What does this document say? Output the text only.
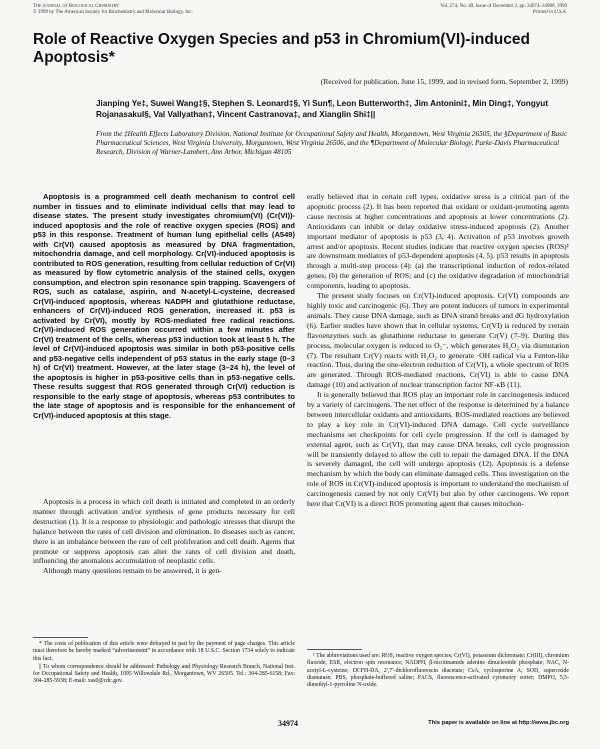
The Journal of Biological Chemistry
© 1999 by The American Society for Biochemistry and Molecular Biology, Inc.
Vol. 274, No. 49, Issue of December 3, pp. 34974–34980, 1999
Printed in U.S.A.
Role of Reactive Oxygen Species and p53 in Chromium(VI)-induced Apoptosis*
(Received for publication, June 15, 1999, and in revised form, September 2, 1999)
Jianping Ye‡, Suwei Wang‡§, Stephen S. Leonard‡§, Yi Sun¶, Leon Butterworth‡, Jim Antonini‡, Min Ding‡, Yongyut Rojanasakul§, Val Vallyathan‡, Vincent Castranova‡, and Xianglin Shi‡||
From the ‡Health Effects Laboratory Division, National Institute for Occupational Safety and Health, Morgantown, West Virginia 26505, the §Department of Basic Pharmaceutical Sciences, West Virginia University, Morgantown, West Virginia 26506, and the ¶Department of Molecular Biology, Parke-Davis Pharmaceutical Research, Division of Warner-Lambert, Ann Arbor, Michigan 48105

Apoptosis is a programmed cell death mechanism to control cell number in tissues and to eliminate individual cells that may lead to disease states. The present study investigates chromium(VI) (Cr(VI))-induced apoptosis and the role of reactive oxygen species (ROS) and p53 in this response. Treatment of human lung epithelial cells (A549) with Cr(VI) caused apoptosis as measured by DNA fragmentation, mitochondria damage, and cell morphology. Cr(VI)-induced apoptosis is contributed to ROS generation, resulting from cellular reduction of Cr(VI) as measured by flow cytometric analysis of the stained cells, oxygen consumption, and electron spin resonance spin trapping. Scavengers of ROS, such as catalase, aspirin, and N-acetyl-L-cysteine, decreased Cr(VI)-induced apoptosis, whereas NADPH and glutathione reductase, enhancers of Cr(VI)-induced ROS generation, increased it. p53 is activated by Cr(VI), mostly by ROS-mediated free radical reactions. Cr(VI)-induced ROS generation occurred within a few minutes after Cr(VI) treatment of the cells, whereas p53 induction took at least 5 h. The level of Cr(VI)-induced apoptosis was similar in both p53-positive cells and p53-negative cells independent of p53 status in the early stage (0–3 h) of Cr(VI) treatment. However, at the later stage (3–24 h), the level of the apoptosis is higher in p53-positive cells than in p53-negative cells. These results suggest that ROS generated through Cr(VI) reduction is responsible to the early stage of apoptosis, whereas p53 contributes to the late stage of apoptosis and is responsible for the enhancement of Cr(VI)-induced apoptosis at this stage.

Apoptosis is a process in which cell death is initiated and completed in an orderly manner through activation and/or synthesis of gene products necessary for cell destruction (1). It is a response to physiologic and pathologic stresses that disrupt the balance between the rates of cell division and elimination. In diseases such as cancer, there is an imbalance between the rate of cell proliferation and cell death. Agents that promote or suppress apoptosis can alter the rates of cell division and death, influencing the anomalous accumulation of neoplastic cells.

Although many questions remain to be answered, it is gen-

erally believed that in certain cell types, oxidative stress is a critical part of the apoptotic process (2). It has been reported that oxidant or oxidant-promoting agents cause necrosis at higher concentrations and apoptosis at lower concentrations (2). Antioxidants can inhibit or delay oxidative stress-induced apoptosis (2). Another important mediator of apoptosis is p53 (3, 4). Activation of p53 involves growth arrest and/or apoptosis. Recent studies indicate that reactive oxygen species (ROS)¹ are downstream mediators of p53-dependent apoptosis (4, 5). p53 results in apoptosis through a multi-step process (4): (a) the transcriptional induction of redox-related genes; (b) the generation of ROS; and (c) the oxidative degradation of mitochondrial components, leading to apoptosis.

The present study focuses on Cr(VI)-induced apoptosis. Cr(VI) compounds are highly toxic and carcinogenic (6). They are potent inducers of tumors in experimental animals. They cause DNA damage, such as DNA strand breaks and dG hydroxylation (6). Earlier studies have shown that in cellular systems, Cr(VI) is reduced by certain flavoenzymes such as glutathione reductase to generate Cr(V) (7–9). During this process, molecular oxygen is reduced to O₂⁻, which generates H₂O₂ via dismutation (7). The resultant Cr(V) reacts with H₂O₂ to generate ·OH radical via a Fenton-like reaction. Thus, during the one-electron reduction of Cr(VI), a whole spectrum of ROS are generated. Through ROS-mediated reactions, Cr(VI) is able to cause DNA damage (10) and activation of nuclear transcription factor NF-κB (11).

It is generally believed that ROS play an important role in carcinogenesis induced by a variety of carcinogens. The net effect of the response is determined by a balance between intercellular oxidants and antioxidants. ROS-mediated reactions are believed to play a key role in Cr(VI)-induced DNA damage. Cell cycle surveillance mechanisms set checkpoints for cell cycle progression. If the cell is damaged by external agent, such as Cr(VI), that may cause DNA breaks, cell cycle progression will be transiently delayed to allow the cell to repair the damaged DNA. If the DNA is severely damaged, the cell will undergo apoptosis (12). Apoptosis is a defense mechanism by which the body can eliminate damaged cells. Thus investigation on the role of ROS in Cr(VI)-induced apoptosis is important to understand the mechanism of carcinogenesis caused by not only Cr(VI) but also by other carcinogens. We report here that Cr(VI) is a direct ROS promoting agent that causes mitochon-

* The costs of publication of this article were defrayed in part by the payment of page charges. This article must therefore be hereby marked “advertisement” in accordance with 18 U.S.C. Section 1734 solely to indicate this fact.

|| To whom correspondence should be addressed: Pathology and Physiology Research Branch, National Inst. for Occupational Safety and Health, 1095 Willowdale Rd., Morgantown, WV 26505. Tel.: 304-285-6158; Fax: 304-285-5938; E-mail: xas0@cdc.gov.

¹ The abbreviations used are: ROS, reactive oxygen species; Cr(VI), potassium dichromate; Cr(III), chromium fluoride; ESR, electron spin resonance; NADPH, β-nicotinamide adenine dinucleotide phosphate; NAC, N-acetyl-L-cysteine; DCFH-DA, 2′,7′-dichlorofluorescin diacetate; CsA, cyclosporine A; SOD, superoxide dismutase; PBS, phosphate-buffered saline; FACS, fluorescence-activated cytometry sorter; DMPO, 5,5-dimethyl-1-pyrroline N-oxide.

34974	This paper is available on line at http://www.jbc.org
